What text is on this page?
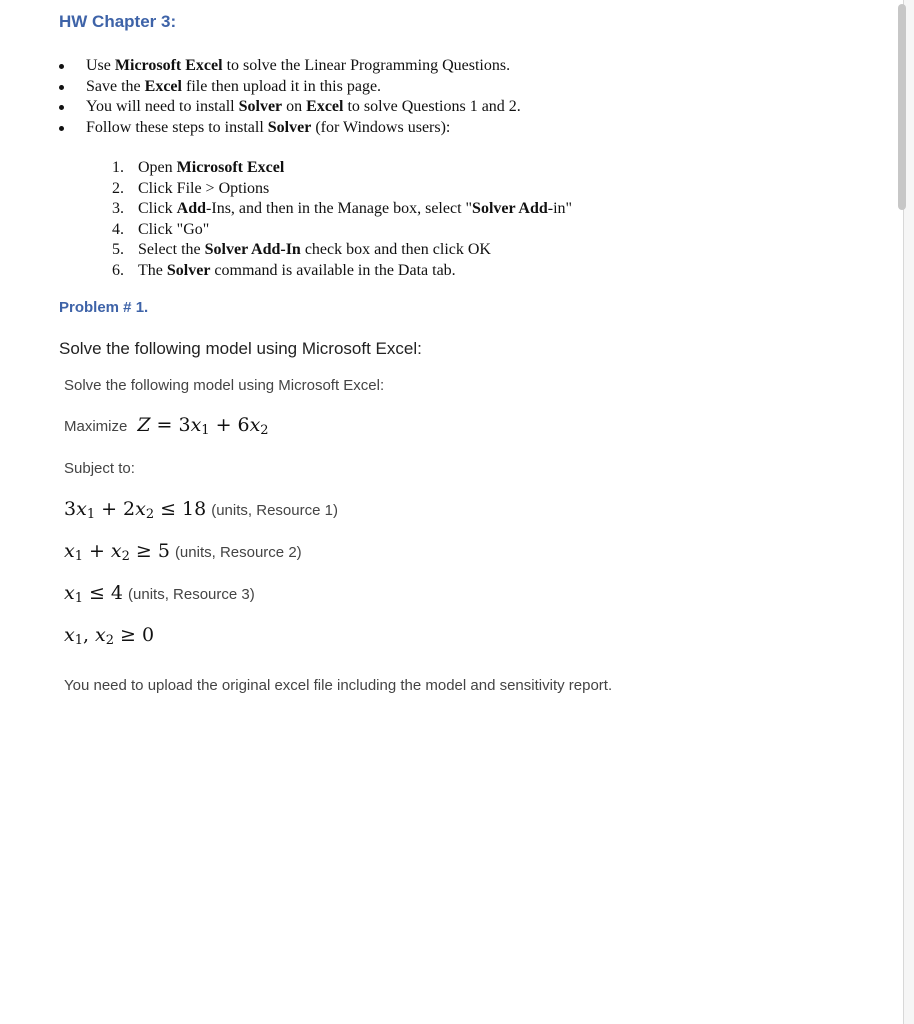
HW Chapter 3:
Use Microsoft Excel to solve the Linear Programming Questions.
Save the Excel file then upload it in this page.
You will need to install Solver on Excel to solve Questions 1 and 2.
Follow these steps to install Solver (for Windows users):
1. Open Microsoft Excel
2. Click File > Options
3. Click Add-Ins, and then in the Manage box, select "Solver Add-in"
4. Click "Go"
5. Select the Solver Add-In check box and then click OK
6. The Solver command is available in the Data tab.
Problem # 1.
Solve the following model using Microsoft Excel:
Solve the following model using Microsoft Excel:
Maximize $Z = 3x_1 + 6x_2$
Subject to:
$3x_1 + 2x_2 \le 18$ (units, Resource 1)
$x_1 + x_2 \ge 5$ (units, Resource 2)
$x_1 \le 4$ (units, Resource 3)
$x_1$, $x_2 \ge 0$
You need to upload the original excel file including the model and sensitivity report.
